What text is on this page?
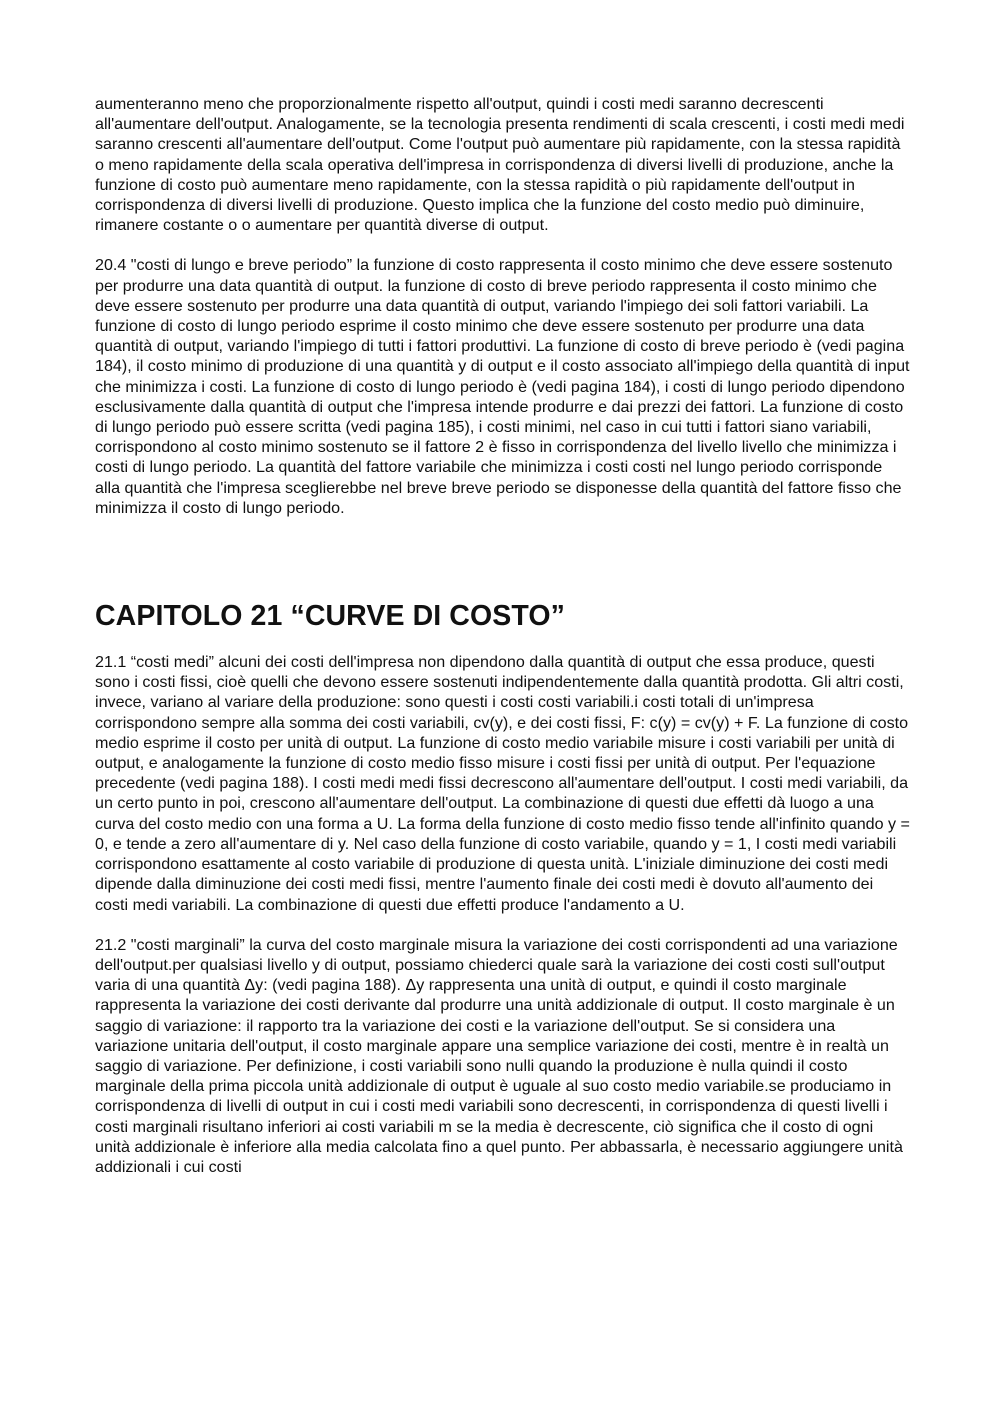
aumenteranno meno che proporzionalmente rispetto all'output, quindi i costi medi saranno decrescenti all'aumentare dell'output. Analogamente, se la tecnologia presenta rendimenti di scala crescenti, i costi medi medi saranno crescenti all'aumentare dell'output. Come l'output può aumentare più rapidamente, con la stessa rapidità o meno rapidamente della scala operativa dell'impresa in corrispondenza di diversi livelli di produzione, anche la funzione di costo può aumentare meno rapidamente, con la stessa rapidità o più rapidamente dell'output in corrispondenza di diversi livelli di produzione. Questo implica che la funzione del costo medio può diminuire, rimanere costante o o aumentare per quantità diverse di output.

20.4 "costi di lungo e breve periodo” la funzione di costo rappresenta il costo minimo che deve essere sostenuto per produrre una data quantità di output. la funzione di costo di breve periodo rappresenta il costo minimo che deve essere sostenuto per produrre una data quantità di output, variando l'impiego dei soli fattori variabili. La funzione di costo di lungo periodo esprime il costo minimo che deve essere sostenuto per produrre una data quantità di output, variando l'impiego di tutti i fattori produttivi. La funzione di costo di breve periodo è (vedi pagina 184), il costo minimo di produzione di una quantità y di output e il costo associato all'impiego della quantità di input che minimizza i costi. La funzione di costo di lungo periodo è (vedi pagina 184), i costi di lungo periodo dipendono esclusivamente dalla quantità di output che l'impresa intende produrre e dai prezzi dei fattori. La funzione di costo di lungo periodo può essere scritta (vedi pagina 185), i costi minimi, nel caso in cui tutti i fattori siano variabili, corrispondono al costo minimo sostenuto se il fattore 2 è fisso in corrispondenza del livello livello che minimizza i costi di lungo periodo. La quantità del fattore variabile che minimizza i costi costi nel lungo periodo corrisponde alla quantità che l'impresa sceglierebbe nel breve breve periodo se disponesse della quantità del fattore fisso che minimizza il costo di lungo periodo.

CAPITOLO 21 “CURVE DI COSTO”

21.1 “costi medi” alcuni dei costi dell'impresa non dipendono dalla quantità di output che essa produce, questi sono i costi fissi, cioè quelli che devono essere sostenuti indipendentemente dalla quantità prodotta. Gli altri costi, invece, variano al variare della produzione: sono questi i costi costi variabili.i costi totali di un'impresa corrispondono sempre alla somma dei costi variabili, cv(y), e dei costi fissi, F: c(y) = cv(y) + F. La funzione di costo medio esprime il costo per unità di output. La funzione di costo medio variabile misure i costi variabili per unità di output, e analogamente la funzione di costo medio fisso misure i costi fissi per unità di output. Per l'equazione precedente (vedi pagina 188). I costi medi medi fissi decrescono all'aumentare dell'output. I costi medi variabili, da un certo punto in poi, crescono all'aumentare dell'output. La combinazione di questi due effetti dà luogo a una curva del costo medio con una forma a U. La forma della funzione di costo medio fisso tende all'infinito quando y = 0, e tende a zero all'aumentare di y. Nel caso della funzione di costo variabile, quando y = 1, I costi medi variabili corrispondono esattamente al costo variabile di produzione di questa unità. L'iniziale diminuzione dei costi medi dipende dalla diminuzione dei costi medi fissi, mentre l'aumento finale dei costi medi è dovuto all'aumento dei costi medi variabili. La combinazione di questi due effetti produce l'andamento a U.

21.2 "costi marginali” la curva del costo marginale misura la variazione dei costi corrispondenti ad una variazione dell'output.per qualsiasi livello y di output, possiamo chiederci quale sarà la variazione dei costi costi sull'output varia di una quantità Δy: (vedi pagina 188). Δy rappresenta una unità di output, e quindi il costo marginale rappresenta la variazione dei costi derivante dal produrre una unità addizionale di output. Il costo marginale è un saggio di variazione: il rapporto tra la variazione dei costi e la variazione dell'output. Se si considera una variazione unitaria dell'output, il costo marginale appare una semplice variazione dei costi, mentre è in realtà un saggio di variazione. Per definizione, i costi variabili sono nulli quando la produzione è nulla quindi il costo marginale della prima piccola unità addizionale di output è uguale al suo costo medio variabile.se produciamo in corrispondenza di livelli di output in cui i costi medi variabili sono decrescenti, in corrispondenza di questi livelli i costi marginali risultano inferiori ai costi variabili m se la media è decrescente, ciò significa che il costo di ogni unità addizionale è inferiore alla media calcolata fino a quel punto. Per abbassarla, è necessario aggiungere unità addizionali i cui costi
